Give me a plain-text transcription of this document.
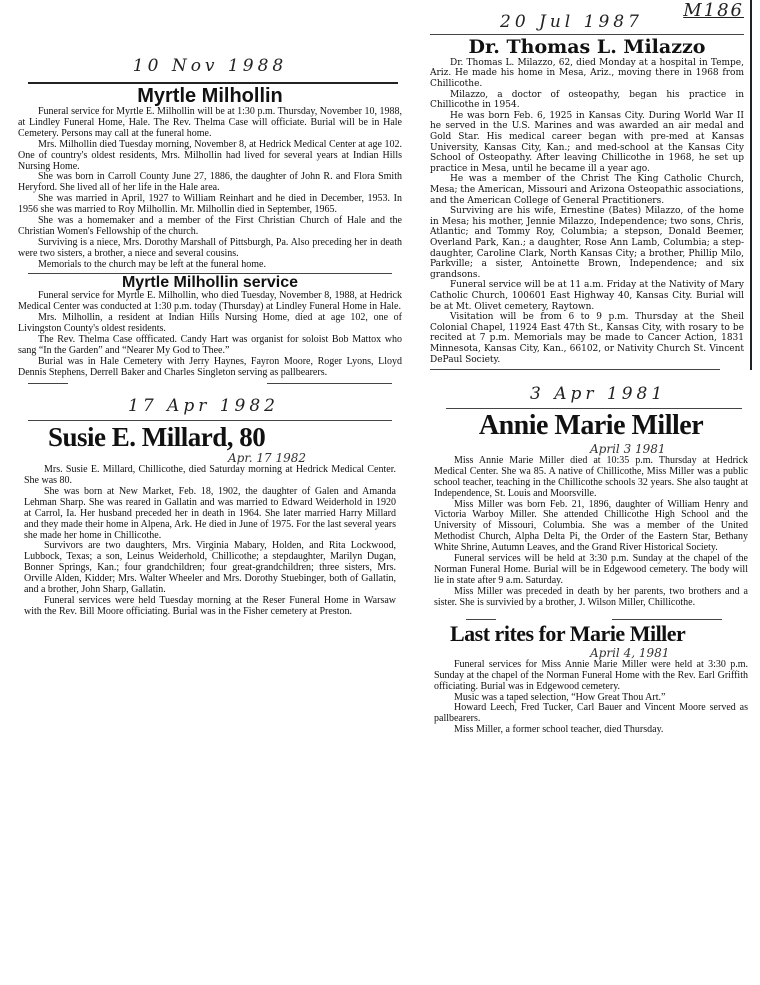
10 Nov 1988
Myrtle Milhollin

Funeral service for Myrtle E. Milhollin will be at 1:30 p.m. Thursday, November 10, 1988, at Lindley Funeral Home, Hale. The Rev. Thelma Case will officiate. Burial will be in Hale Cemetery. Persons may call at the funeral home.

Mrs. Milhollin died Tuesday morning, November 8, at Hedrick Medical Center at age 102. One of country's oldest residents, Mrs. Milhollin had lived for several years at Indian Hills Nursing Home.

She was born in Carroll County June 27, 1886, the daughter of John R. and Flora Smith Heryford. She lived all of her life in the Hale area.

She was married in April, 1927 to William Reinhart and he died in December, 1953. In 1956 she was married to Roy Milhollin. Mr. Milhollin died in September, 1965.

She was a homemaker and a member of the First Christian Church of Hale and the Christian Women's Fellowship of the church.

Surviving is a niece, Mrs. Dorothy Marshall of Pittsburgh, Pa. Also preceding her in death were two sisters, a brother, a niece and several cousins.

Memorials to the church may be left at the funeral home.

Myrtle Milhollin service

Funeral service for Myrtle E. Milhollin, who died Tuesday, November 8, 1988, at Hedrick Medical Center was conducted at 1:30 p.m. today (Thursday) at Lindley Funeral Home in Hale.

Mrs. Milhollin, a resident at Indian Hills Nursing Home, died at age 102, one of Livingston County's oldest residents.

The Rev. Thelma Case offficated. Candy Hart was organist for soloist Bob Mattox who sang “In the Garden” and “Nearer My God to Thee.”

Burial was in Hale Cemetery with Jerry Haynes, Fayron Moore, Roger Lyons, Lloyd Dennis Stephens, Derrell Baker and Charles Singleton serving as pallbearers.

17 Apr 1982
Susie E. Millard, 80
Apr. 17 1982

Mrs. Susie E. Millard, Chillicothe, died Saturday morning at Hedrick Medical Center. She was 80.

She was born at New Market, Feb. 18, 1902, the daughter of Galen and Amanda Lehman Sharp. She was reared in Gallatin and was married to Edward Weiderhold in 1920 at Carrol, Ia. Her husband preceded her in death in 1964. She later married Harry Millard and they made their home in Alpena, Ark. He died in June of 1975. For the last several years she made her home in Chillicothe.

Survivors are two daughters, Mrs. Virginia Mabary, Holden, and Rita Lockwood, Lubbock, Texas; a son, Leinus Weiderhold, Chillicothe; a stepdaughter, Marilyn Dugan, Bonner Springs, Kan.; four grandchildren; four great-grandchildren; three sisters, Mrs. Orville Alden, Kidder; Mrs. Walter Wheeler and Mrs. Dorothy Stuebinger, both of Gallatin, and a brother, John Sharp, Gallatin.

Funeral services were held Tuesday morning at the Reser Funeral Home in Warsaw with the Rev. Bill Moore officiating. Burial was in the Fisher cemetery at Preston.

20 Jul 1987
M186
Dr. Thomas L. Milazzo

Dr. Thomas L. Milazzo, 62, died Monday at a hospital in Tempe, Ariz. He made his home in Mesa, Ariz., moving there in 1968 from Chillicothe.

Milazzo, a doctor of osteopathy, began his practice in Chillicothe in 1954.

He was born Feb. 6, 1925 in Kansas City. During World War II he served in the U.S. Marines and was awarded an air medal and Gold Star. His medical career began with pre-med at Kansas University, Kansas City, Kan.; and med-school at the Kansas City School of Osteopathy. After leaving Chillicothe in 1968, he set up practice in Mesa, until he became ill a year ago.

He was a member of the Christ The King Catholic Church, Mesa; the American, Missouri and Arizona Osteopathic associations, and the American College of General Practitioners.

Surviving are his wife, Ernestine (Bates) Milazzo, of the home in Mesa; his mother, Jennie Milazzo, Independence; two sons, Chris, Atlantic; and Tommy Roy, Columbia; a stepson, Donald Beemer, Overland Park, Kan.; a daughter, Rose Ann Lamb, Columbia; a step-daughter, Caroline Clark, North Kansas City; a brother, Phillip Milo, Parkville; a sister, Antoinette Brown, Independence; and six grandsons.

Funeral service will be at 11 a.m. Friday at the Nativity of Mary Catholic Church, 100601 East Highway 40, Kansas City. Burial will be at Mt. Olivet cemetery, Raytown.

Visitation will be from 6 to 9 p.m. Thursday at the Sheil Colonial Chapel, 11924 East 47th St., Kansas City, with rosary to be recited at 7 p.m. Memorials may be made to Cancer Action, 1831 Minnesota, Kansas City, Kan., 66102, or Nativity Church St. Vincent DePaul Society.

3 Apr 1981
Annie Marie Miller
April 3 1981

Miss Annie Marie Miller died at 10:35 p.m. Thursday at Hedrick Medical Center. She wa 85. A native of Chillicothe, Miss Miller was a public school teacher, teaching in the Chillicothe schools 32 years. She also taught at Independence, St. Louis and Moorsville.

Miss Miller was born Feb. 21, 1896, daughter of William Henry and Victoria Warboy Miller. She attended Chillicothe High School and the University of Missouri, Columbia. She was a member of the United Methodist Church, Alpha Delta Pi, the Order of the Eastern Star, Bethany White Shrine, Autumn Leaves, and the Grand River Historical Society.

Funeral services will be held at 3:30 p.m. Sunday at the chapel of the Norman Funeral Home. Burial will be in Edgewood cemetery. The body will lie in state after 9 a.m. Saturday.

Miss Miller was preceded in death by her parents, two brothers and a sister. She is survivied by a brother, J. Wilson Miller, Chillicothe.

Last rites for Marie Miller
April 4, 1981

Funeral services for Miss Annie Marie Miller were held at 3:30 p.m. Sunday at the chapel of the Norman Funeral Home with the Rev. Earl Griffith officiating. Burial was in Edgewood cemetery.

Music was a taped selection, “How Great Thou Art.”

Howard Leech, Fred Tucker, Carl Bauer and Vincent Moore served as pallbearers.

Miss Miller, a former school teacher, died Thursday.
